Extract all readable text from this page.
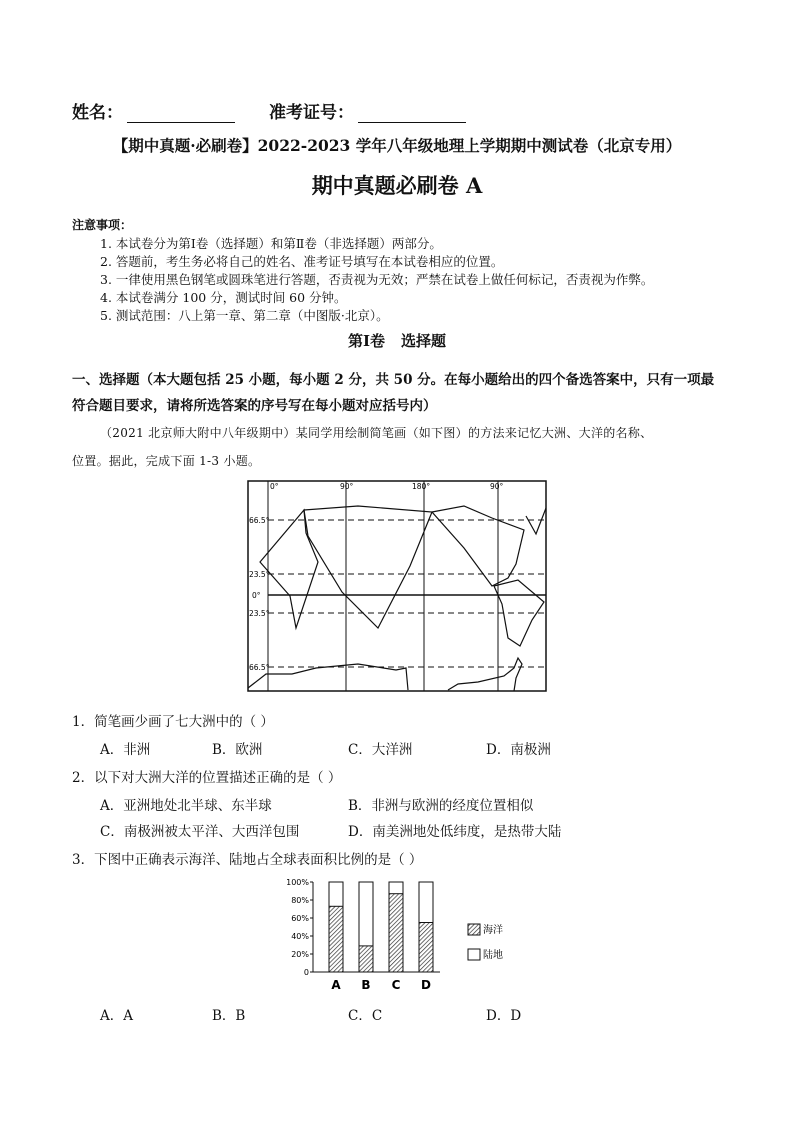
姓名：	准考证号：
【期中真题·必刷卷】2022-2023 学年八年级地理上学期期中测试卷（北京专用）
期中真题必刷卷 A
注意事项：
1. 本试卷分为第Ⅰ卷（选择题）和第Ⅱ卷（非选择题）两部分。
2. 答题前，考生务必将自己的姓名、准考证号填写在本试卷相应的位置。
3. 一律使用黑色钢笔或圆珠笔进行答题，否责视为无效；严禁在试卷上做任何标记，否责视为作弊。
4. 本试卷满分 100 分，测试时间 60 分钟。
5. 测试范围：八上第一章、第二章（中图版·北京）。
第Ⅰ卷 选择题
一、选择题（本大题包括 25 小题，每小题 2 分，共 50 分。在每小题给出的四个备选答案中，只有一项最
符合题目要求，请将所选答案的序号写在每小题对应括号内）
（2021 北京师大附中八年级期中）某同学用绘制简笔画（如下图）的方法来记忆大洲、大洋的名称、
位置。据此，完成下面 1-3 小题。
0°	90°	180°	90°
66.5°
23.5°
0°
23.5°
66.5°
1．简笔画少画了七大洲中的（ ）
A．非洲	B．欧洲	C．大洋洲	D．南极洲
2．以下对大洲大洋的位置描述正确的是（ ）
A．亚洲地处北半球、东半球	B．非洲与欧洲的经度位置相似
C．南极洲被太平洋、大西洋包围	D．南美洲地处低纬度，是热带大陆
3．下图中正确表示海洋、陆地占全球表面积比例的是（ ）
0
20%
40%
60%
80%
100%
A B C D
海洋
陆地
A．A	B．B	C．C	D．D
